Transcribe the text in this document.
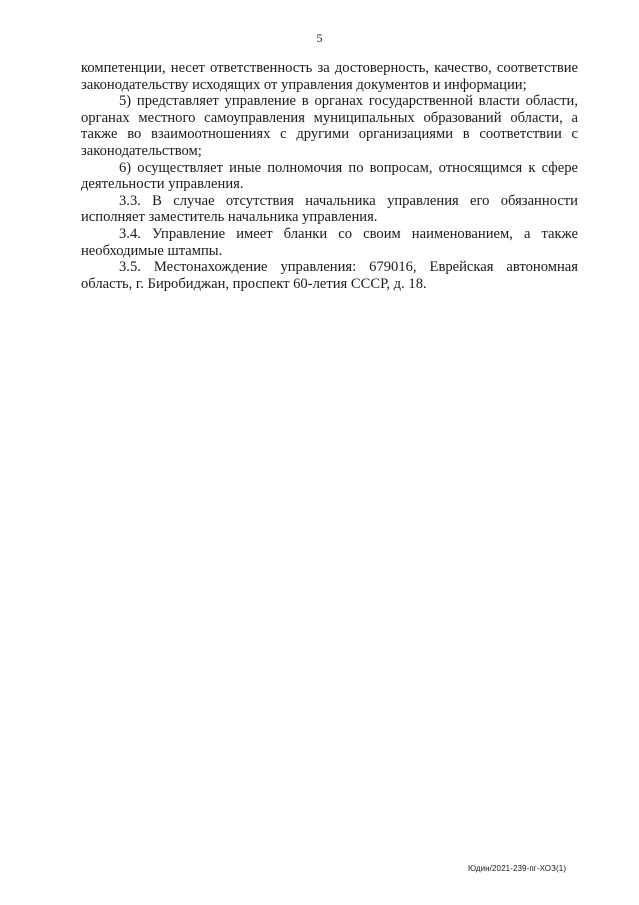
5

компетенции, несет ответственность за достоверность, качество, соответствие законодательству исходящих от управления документов и информации;

5) представляет управление в органах государственной власти области, органах местного самоуправления муниципальных образований области, а также во взаимоотношениях с другими организациями в соответствии с законодательством;

6) осуществляет иные полномочия по вопросам, относящимся к сфере деятельности управления.

3.3. В случае отсутствия начальника управления его обязанности исполняет заместитель начальника управления.

3.4. Управление имеет бланки со своим наименованием, а также необходимые штампы.

3.5. Местонахождение управления: 679016, Еврейская автономная область, г. Биробиджан, проспект 60-летия СССР, д. 18.

Юдин/2021-239-пг-ХОЗ(1)
